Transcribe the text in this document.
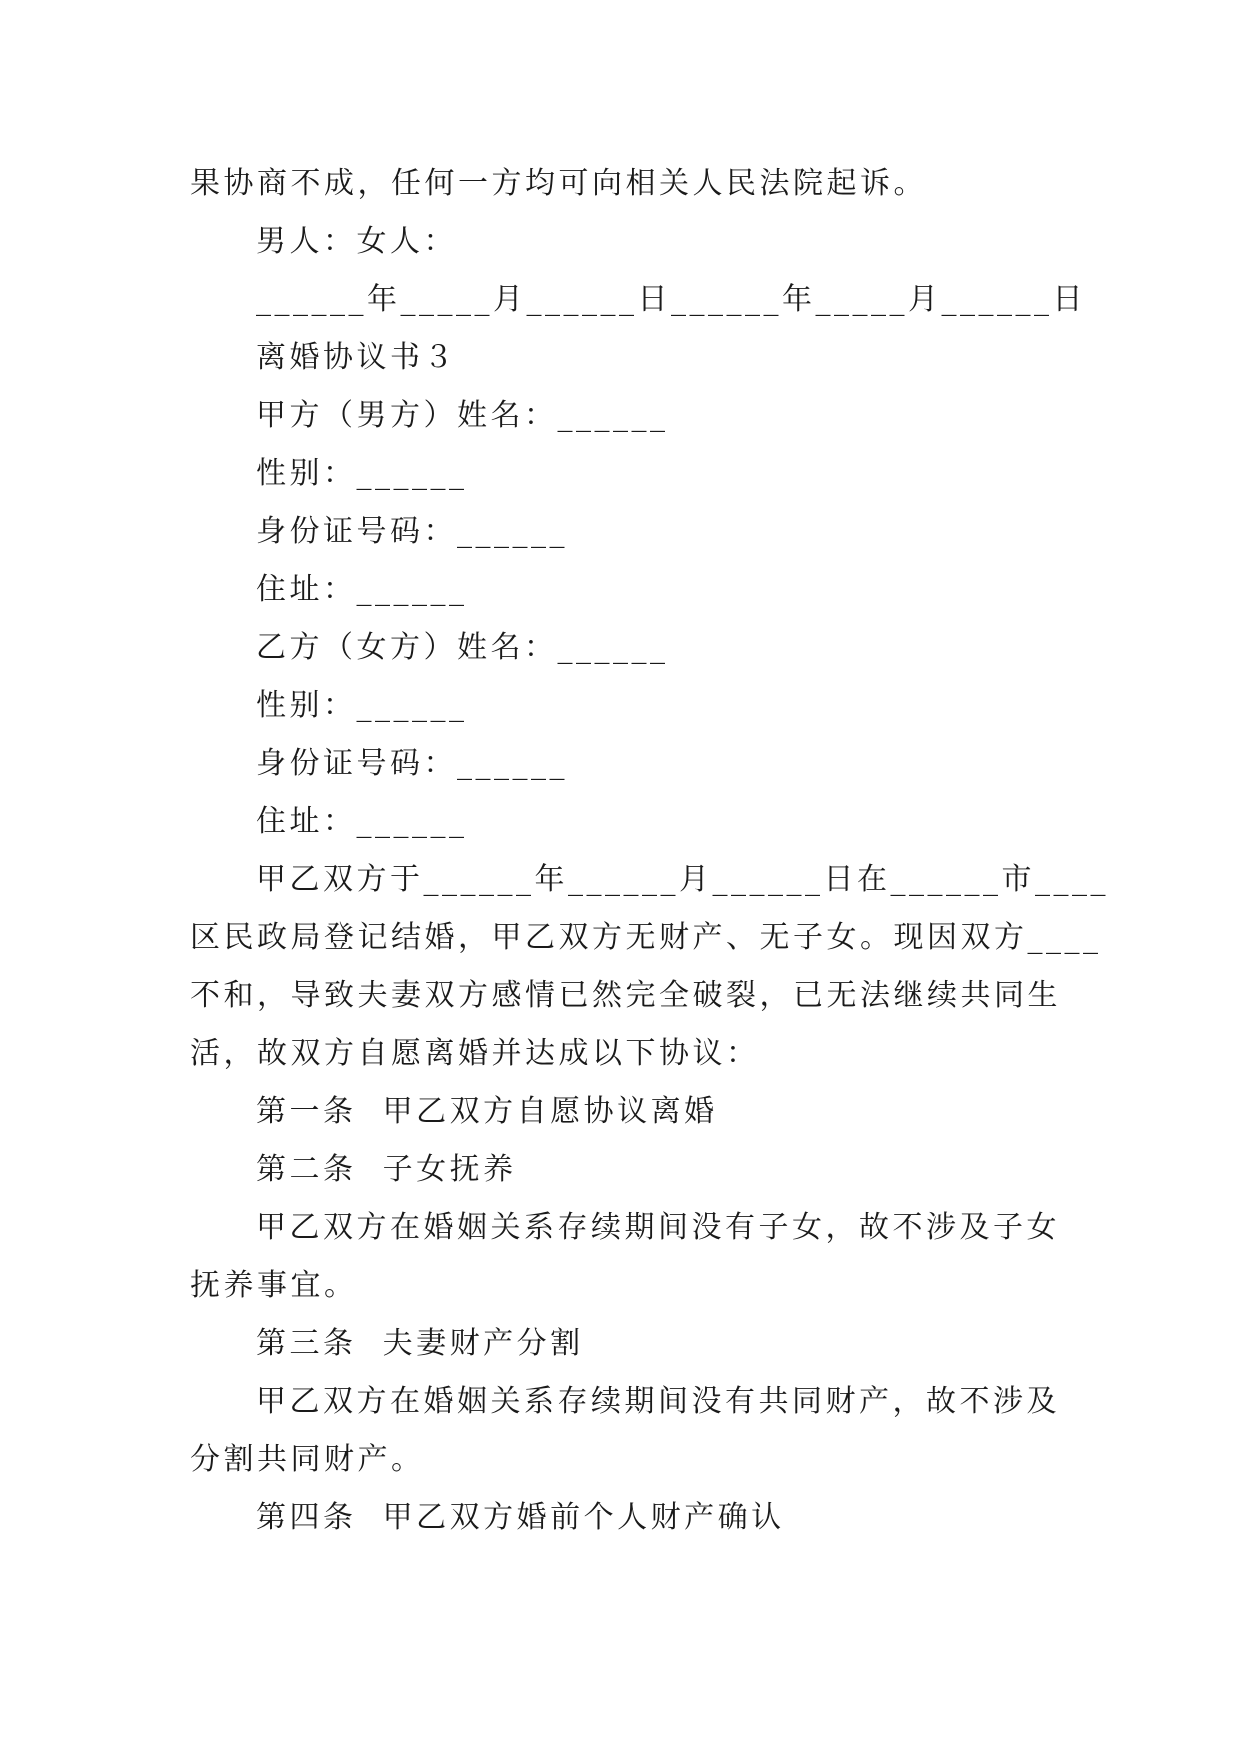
果协商不成，任何一方均可向相关人民法院起诉。
男人：女人：
______年_____月______日______年_____月______日
离婚协议书３
甲方（男方）姓名：______
性别：______
身份证号码：______
住址：______
乙方（女方）姓名：______
性别：______
身份证号码：______
住址：______
甲乙双方于______年______月______日在______市____
区民政局登记结婚，甲乙双方无财产、无子女。现因双方____
不和，导致夫妻双方感情已然完全破裂，已无法继续共同生
活，故双方自愿离婚并达成以下协议：
第一条  甲乙双方自愿协议离婚
第二条  子女抚养
甲乙双方在婚姻关系存续期间没有子女，故不涉及子女
抚养事宜。
第三条  夫妻财产分割
甲乙双方在婚姻关系存续期间没有共同财产，故不涉及
分割共同财产。
第四条  甲乙双方婚前个人财产确认
